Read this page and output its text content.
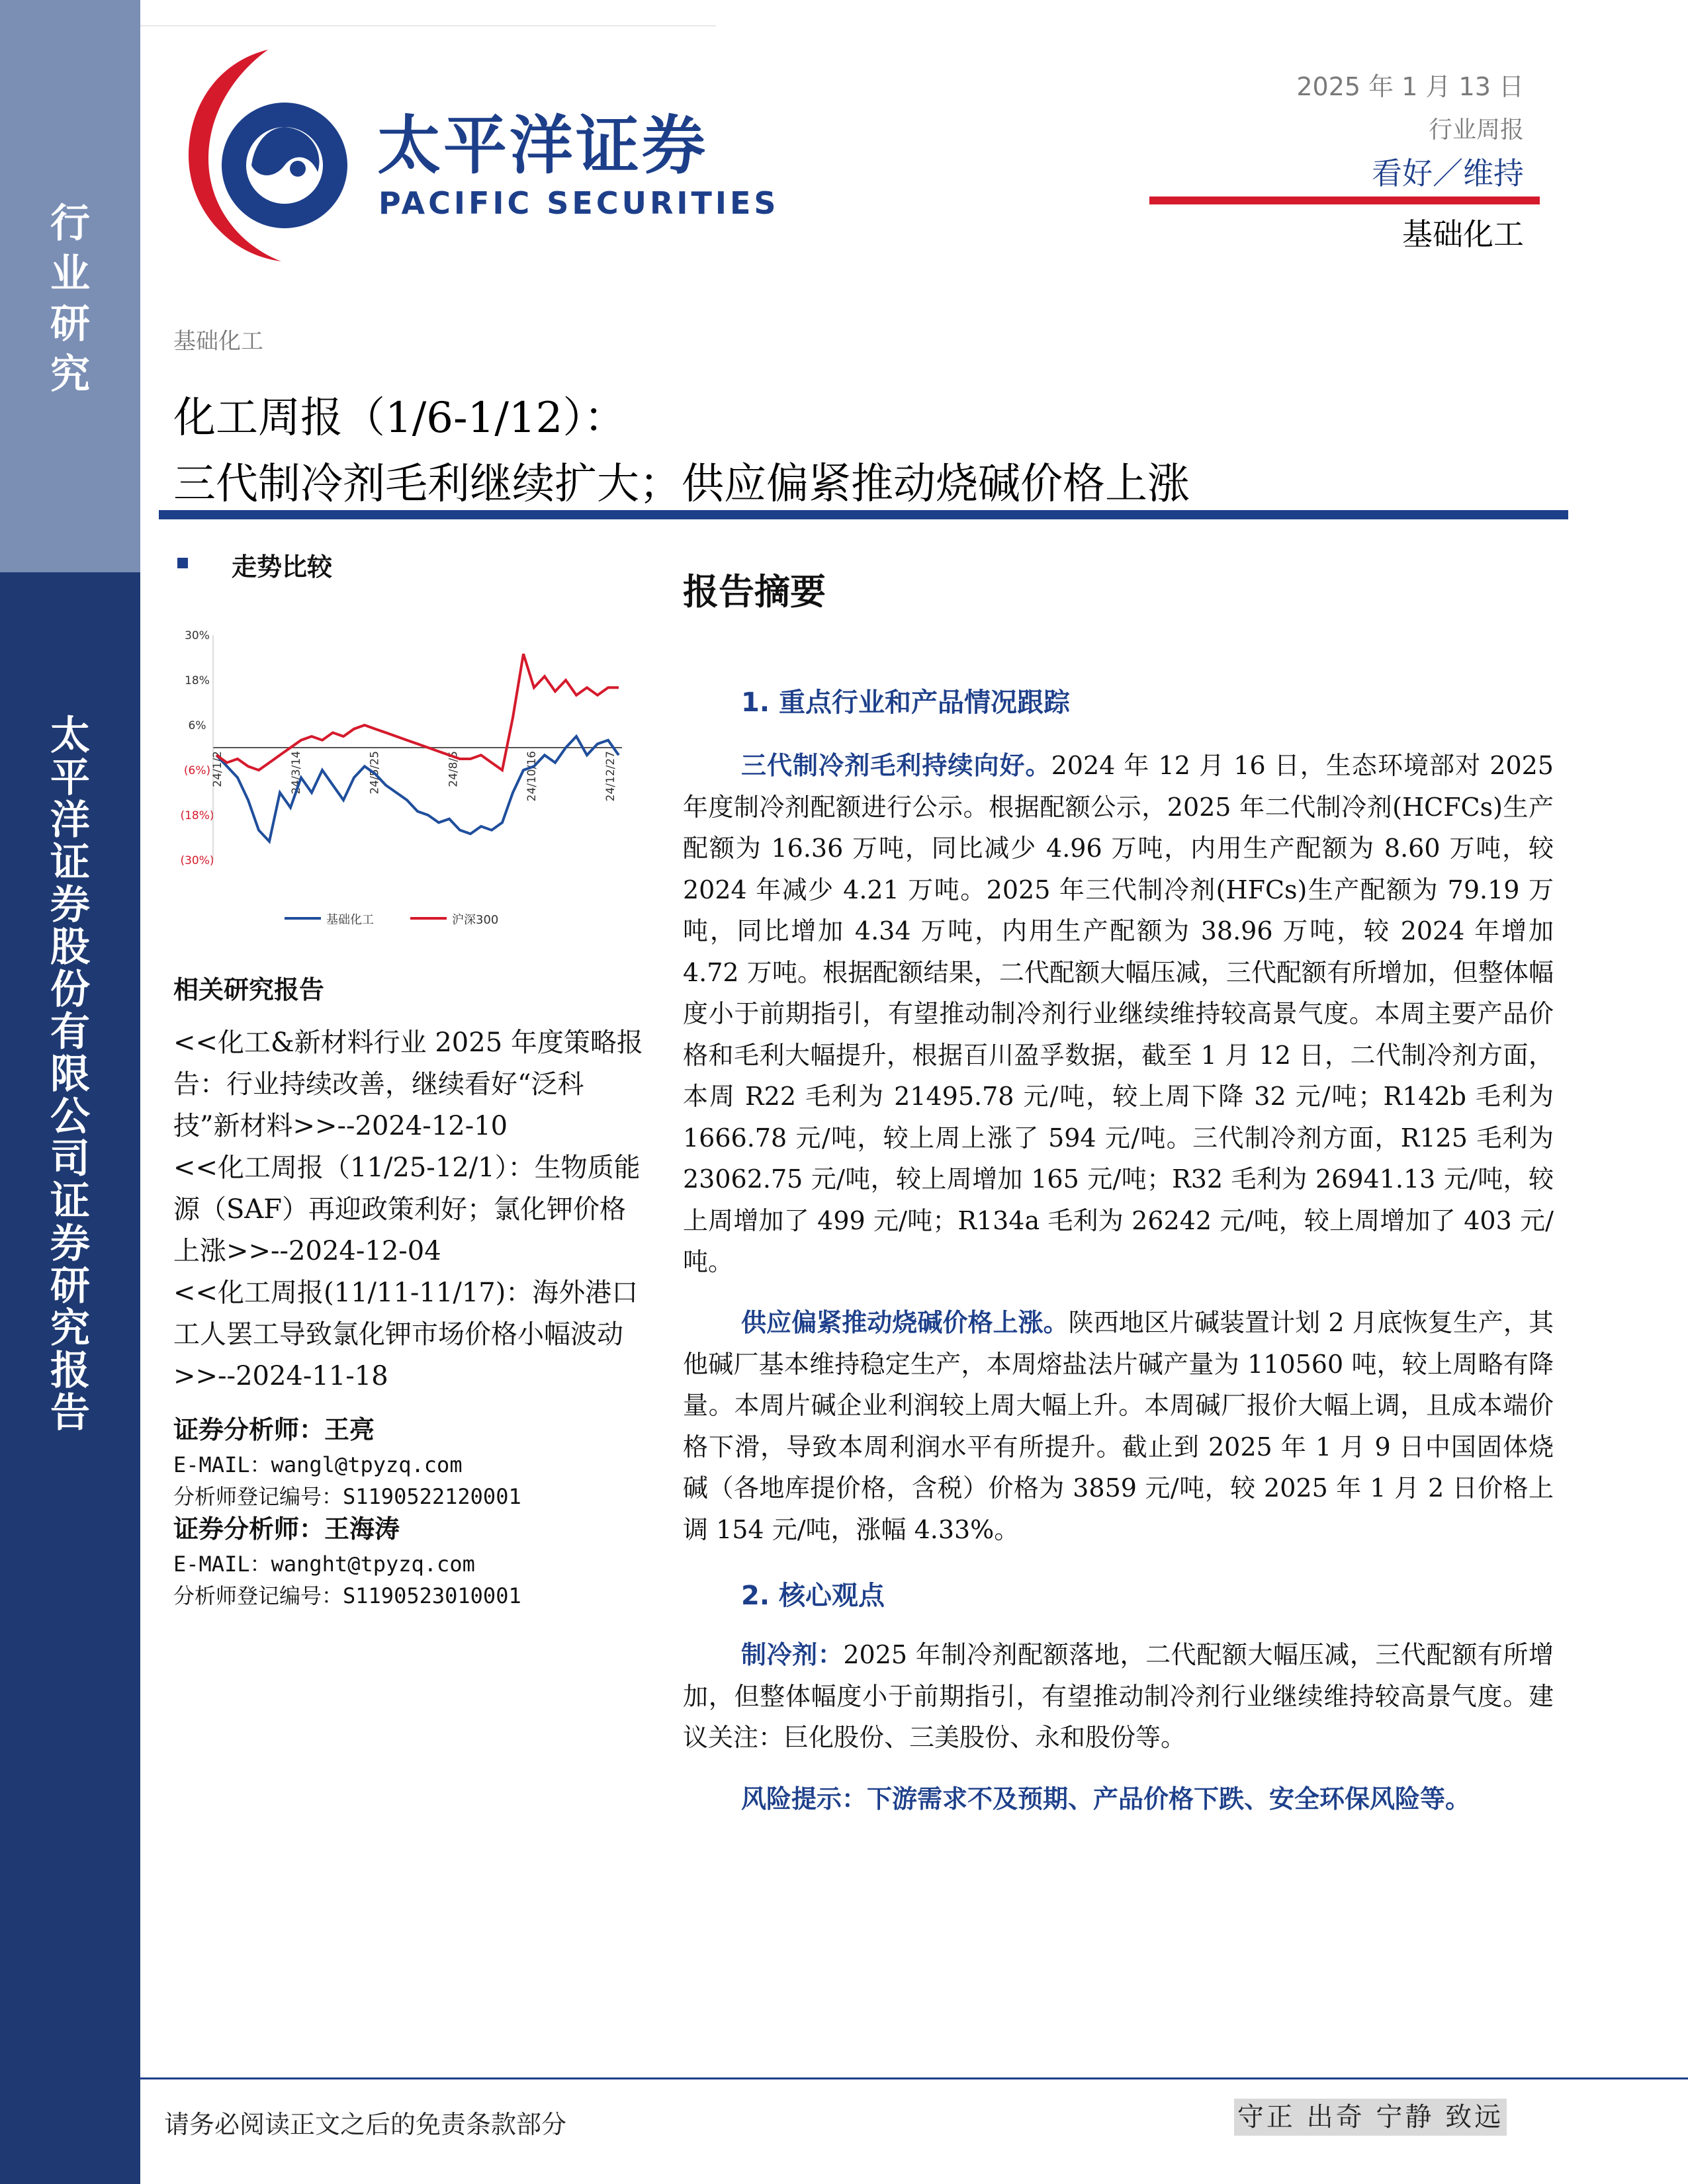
行
业
研
究
太
平
洋
证
券
股
份
有
限
公
司
证
券
研
究
报
告
太平洋证券
PACIFIC SECURITIES
2025 年 1 月 13 日
行业周报
看好／维持
基础化工
基础化工
化工周报（1/6-1/12）：
三代制冷剂毛利继续扩大；供应偏紧推动烧碱价格上涨
走势比较
30%
18%
6%
(6%)
(18%)
(30%)
24/1/2	24/3/14	24/5/25	24/8/5	24/10/16	24/12/27
基础化工	沪深300
相关研究报告
<<化工&新材料行业 2025 年度策略报告：行业持续改善，继续看好“泛科技”新材料>>--2024-12-10
<<化工周报（11/25-12/1）：生物质能源（SAF）再迎政策利好；氯化钾价格上涨>>--2024-12-04
<<化工周报(11/11-11/17)：海外港口工人罢工导致氯化钾市场价格小幅波动>>--2024-11-18
证券分析师：王亮
E-MAIL：wangl@tpyzq.com
分析师登记编号：S1190522120001
证券分析师：王海涛
E-MAIL：wanght@tpyzq.com
分析师登记编号：S1190523010001
报告摘要
1. 重点行业和产品情况跟踪
三代制冷剂毛利持续向好。2024 年 12 月 16 日，生态环境部对 2025 年度制冷剂配额进行公示。根据配额公示，2025 年二代制冷剂(HCFCs)生产配额为 16.36 万吨，同比减少 4.96 万吨，内用生产配额为 8.60 万吨，较 2024 年减少 4.21 万吨。2025 年三代制冷剂(HFCs)生产配额为 79.19 万吨，同比增加 4.34 万吨，内用生产配额为 38.96 万吨，较 2024 年增加 4.72 万吨。根据配额结果，二代配额大幅压减，三代配额有所增加，但整体幅度小于前期指引，有望推动制冷剂行业继续维持较高景气度。本周主要产品价格和毛利大幅提升，根据百川盈孚数据，截至 1 月 12 日，二代制冷剂方面，本周 R22 毛利为 21495.78 元/吨，较上周下降 32 元/吨；R142b 毛利为 1666.78 元/吨，较上周上涨了 594 元/吨。三代制冷剂方面，R125 毛利为 23062.75 元/吨，较上周增加 165 元/吨；R32 毛利为 26941.13 元/吨，较上周增加了 499 元/吨；R134a 毛利为 26242 元/吨，较上周增加了 403 元/吨。
供应偏紧推动烧碱价格上涨。陕西地区片碱装置计划 2 月底恢复生产，其他碱厂基本维持稳定生产，本周熔盐法片碱产量为 110560 吨，较上周略有降量。本周片碱企业利润较上周大幅上升。本周碱厂报价大幅上调，且成本端价格下滑，导致本周利润水平有所提升。截止到 2025 年 1 月 9 日中国固体烧碱（各地库提价格，含税）价格为 3859 元/吨，较 2025 年 1 月 2 日价格上调 154 元/吨，涨幅 4.33%。
2. 核心观点
制冷剂：2025 年制冷剂配额落地，二代配额大幅压减，三代配额有所增加，但整体幅度小于前期指引，有望推动制冷剂行业继续维持较高景气度。建议关注：巨化股份、三美股份、永和股份等。
风险提示：下游需求不及预期、产品价格下跌、安全环保风险等。
请务必阅读正文之后的免责条款部分	守正 出奇 宁静 致远
